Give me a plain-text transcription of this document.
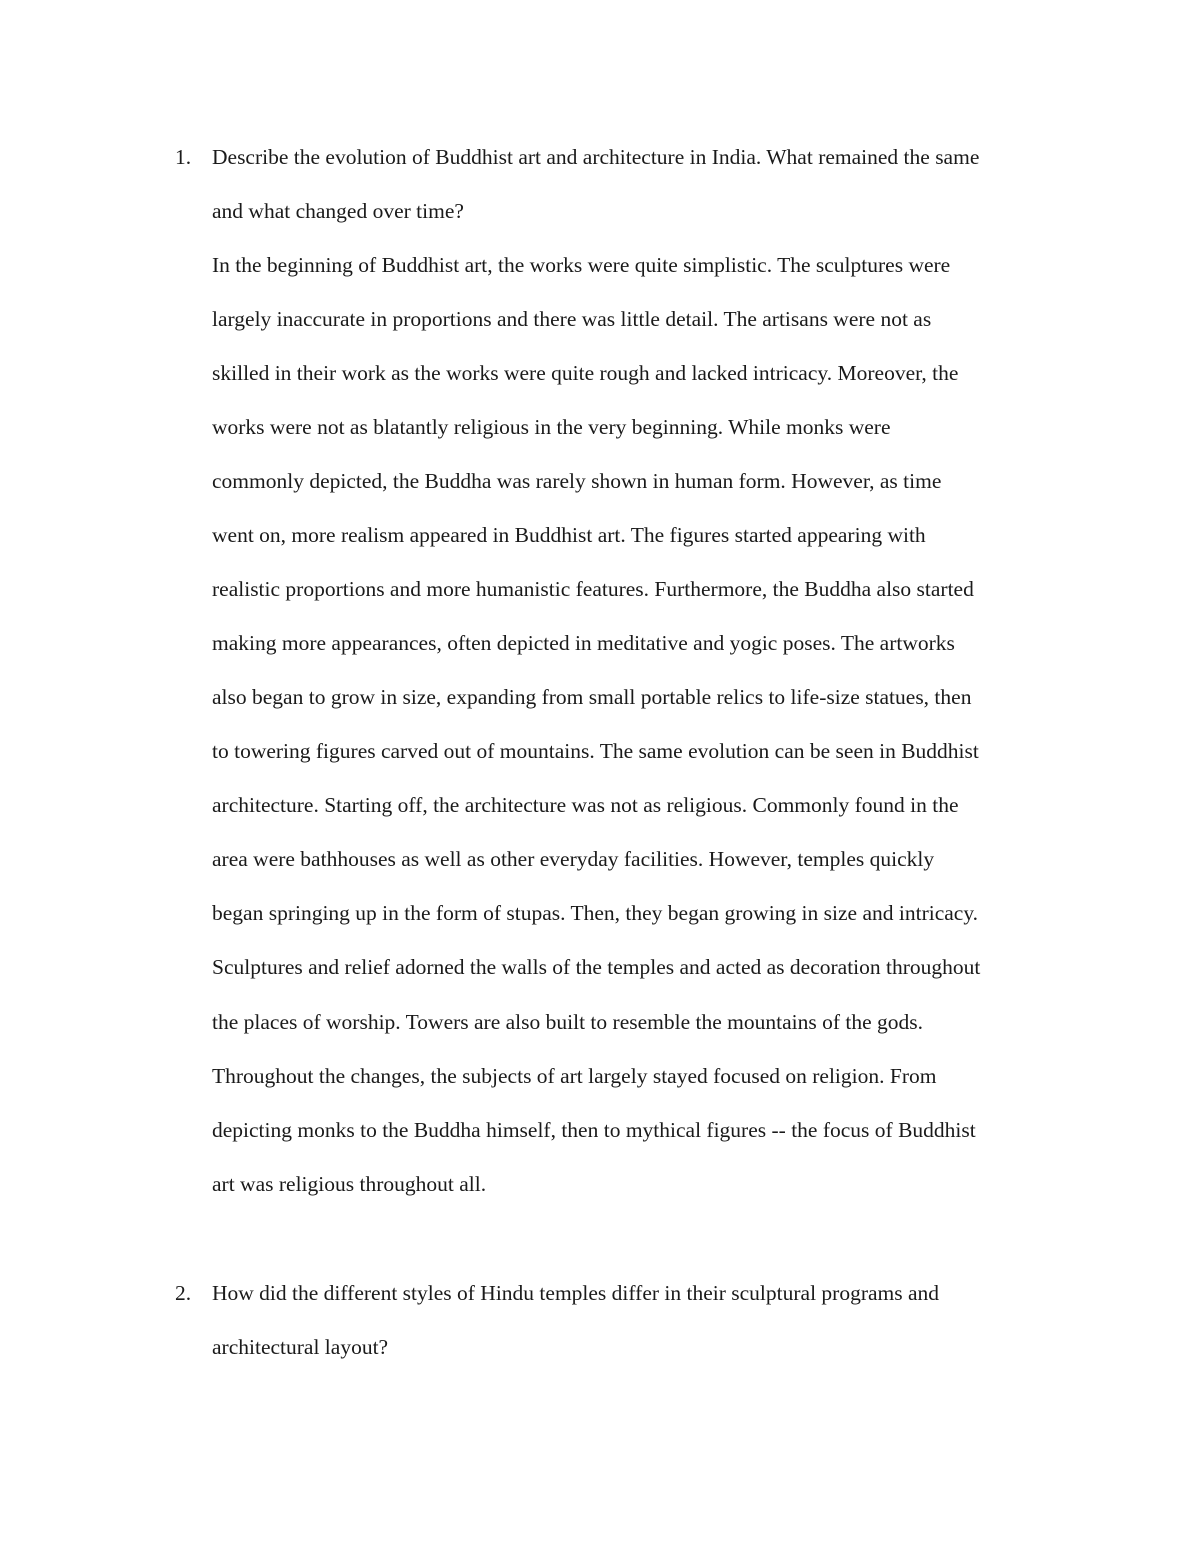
1. Describe the evolution of Buddhist art and architecture in India. What remained the same
and what changed over time?
In the beginning of Buddhist art, the works were quite simplistic. The sculptures were
largely inaccurate in proportions and there was little detail. The artisans were not as
skilled in their work as the works were quite rough and lacked intricacy. Moreover, the
works were not as blatantly religious in the very beginning. While monks were
commonly depicted, the Buddha was rarely shown in human form. However, as time
went on, more realism appeared in Buddhist art. The figures started appearing with
realistic proportions and more humanistic features. Furthermore, the Buddha also started
making more appearances, often depicted in meditative and yogic poses. The artworks
also began to grow in size, expanding from small portable relics to life-size statues, then
to towering figures carved out of mountains. The same evolution can be seen in Buddhist
architecture. Starting off, the architecture was not as religious. Commonly found in the
area were bathhouses as well as other everyday facilities. However, temples quickly
began springing up in the form of stupas. Then, they began growing in size and intricacy.
Sculptures and relief adorned the walls of the temples and acted as decoration throughout
the places of worship. Towers are also built to resemble the mountains of the gods.
Throughout the changes, the subjects of art largely stayed focused on religion. From
depicting monks to the Buddha himself, then to mythical figures -- the focus of Buddhist
art was religious throughout all.
2. How did the different styles of Hindu temples differ in their sculptural programs and
architectural layout?
